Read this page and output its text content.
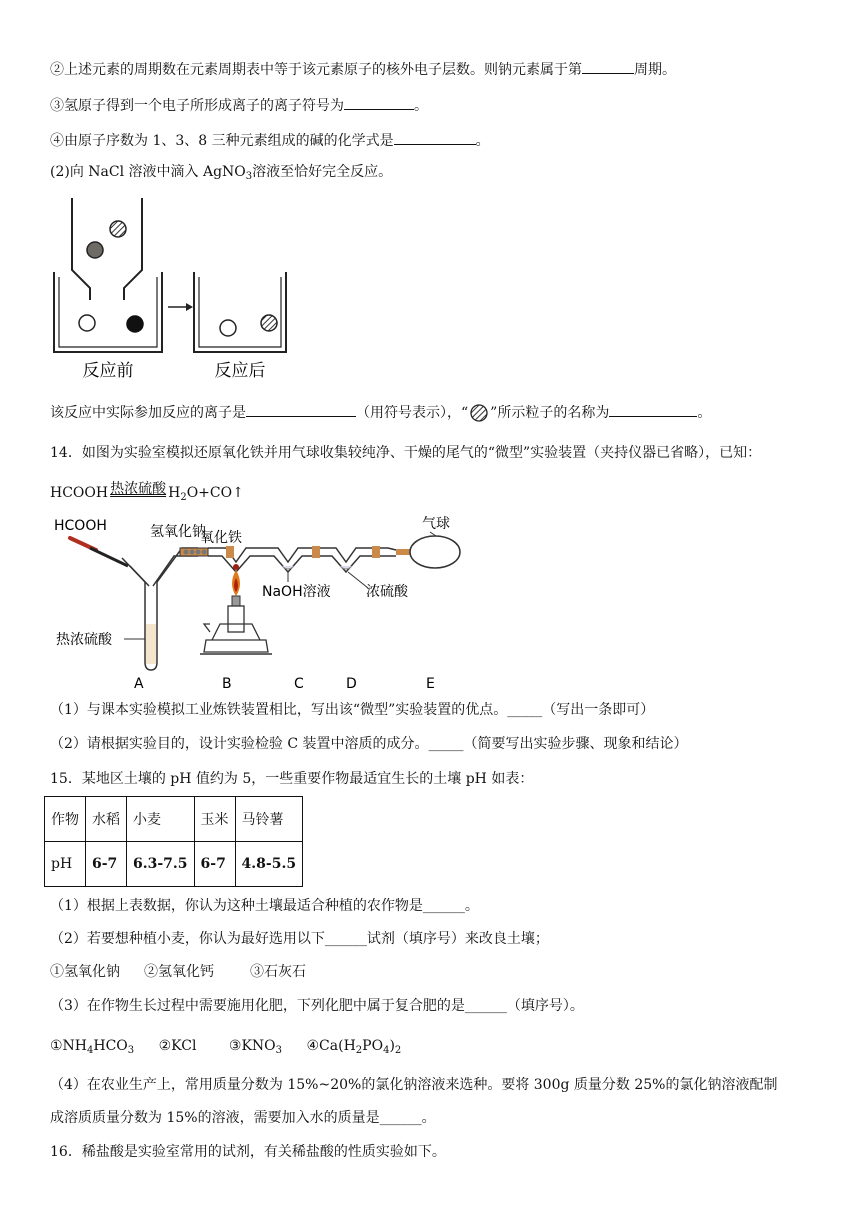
②上述元素的周期数在元素周期表中等于该元素原子的核外电子层数。则钠元素属于第	周期。
③氢原子得到一个电子所形成离子的离子符号为	。
④由原子序数为 1、3、8 三种元素组成的碱的化学式是	。
(2)向 NaCl 溶液中滴入 AgNO$_3$溶液至恰好完全反应。
反应前	反应后
该反应中实际参加反应的离子是	（用符号表示），“ ”所示粒子的名称为	。
14．如图为实验室模拟还原氧化铁并用气球收集较纯净、干燥的尾气的“微型”实验装置（夹持仪器已省略），已知：
HCOOH 热浓硫酸 $H_2O+CO↑$
HCOOH
热浓硫酸
氢氧化钠
氧化铁
NaOH溶液	浓硫酸
气球
A	B	C	D	E
（1）与课本实验模拟工业炼铁装置相比，写出该“微型”实验装置的优点。_____（写出一条即可）
（2）请根据实验目的，设计实验检验 C 装置中溶质的成分。_____（简要写出实验步骤、现象和结论）
15．某地区土壤的 pH 值约为 5，一些重要作物最适宜生长的土壤 pH 如表：
作物	水稻	小麦	玉米	马铃薯
pH	6-7	6.3-7.5	6-7	4.8-5.5
（1）根据上表数据，你认为这种土壤最适合种植的农作物是______。
（2）若要想种植小麦，你认为最好选用以下______试剂（填序号）来改良土壤；
①氢氧化钠 ②氢氧化钙	③石灰石
（3）在作物生长过程中需要施用化肥，下列化肥中属于复合肥的是______（填序号）。
$①NH_4HCO_3$ ②KCl $③KNO_3$ $④Ca(H_2PO_4)_2$
（4）在农业生产上，常用质量分数为 15%~20%的氯化钠溶液来选种。要将 300g 质量分数 25%的氯化钠溶液配制
成溶质质量分数为 15%的溶液，需要加入水的质量是______。
16．稀盐酸是实验室常用的试剂，有关稀盐酸的性质实验如下。
